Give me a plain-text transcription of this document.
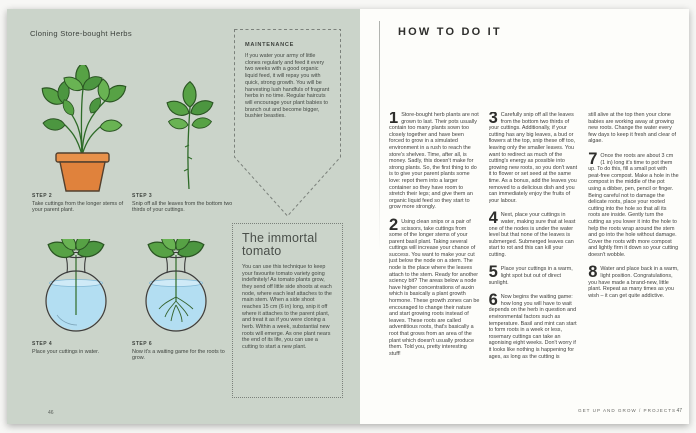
Cloning Store-bought Herbs
STEP 2
Take cuttings from the longer stems of your parent plant.
STEP 3
Snip off all the leaves from the bottom two thirds of your cuttings.
STEP 4
Place your cuttings in water.
STEP 6
Now it's a waiting game for the roots to grow.
MAINTENANCE
If you water your army of little clones regularly and feed it every two weeks with a good organic liquid feed, it will repay you with quick, strong growth. You will be harvesting lush handfuls of fragrant herbs in no time. Regular haircuts will encourage your plant babies to branch out and become bigger, bushier beasties.
The immortal tomato
You can use this technique to keep your favourite tomato variety going indefinitely! As tomato plants grow, they send off little side shoots at each node, where each leaf attaches to the main stem. When a side shoot reaches 15 cm (6 in) long, snip it off where it attaches to the parent plant, and treat it as if you were cloning a herb. Within a week, substantial new roots will emerge. As one plant nears the end of its life, you can use a cutting to start a new plant.
46
HOW TO DO IT
1 Store-bought herb plants are not grown to last. Their pots usually contain too many plants sown too closely together and have been forced to grow in a simulated environment in a rush to reach the store's shelves. Time, after all, is money. Sadly, this doesn't make for strong plants. So, the first thing to do is to give your parent plants some love: repot them into a larger container so they have room to stretch their legs; and give them an organic liquid feed so they start to grow more strongly.
2 Using clean snips or a pair of scissors, take cuttings from some of the longer stems of your parent basil plant. Taking several cuttings will increase your chance of success. You want to make your cut just below the node on a stem. The node is the place where the leaves attach to the stem. Ready for another sciency bit? The areas below a node have higher concentrations of auxin which is basically a plant growth hormone. These growth zones can be encouraged to change their nature and start growing roots instead of leaves. These roots are called adventitious roots, that's basically a root that grows from an area of the plant which doesn't usually produce them. Told you, pretty interesting stuff!
3 Carefully snip off all the leaves from the bottom two thirds of your cuttings. Additionally, if your cutting has any big leaves, a bud or flowers at the top, snip these off too, leaving only the smaller leaves. You want to redirect as much of the cutting's energy as possible into growing new roots, so you don't want it to flower or set seed at the same time. As a bonus, add the leaves you removed to a delicious dish and you can immediately enjoy the fruits of your labour.
4 Next, place your cuttings in water, making sure that at least one of the nodes is under the water level but that none of the leaves is submerged. Submerged leaves can start to rot and this can kill your cutting.
5 Place your cuttings in a warm, light spot but out of direct sunlight.
6 Now begins the waiting game: how long you will have to wait depends on the herb in question and environmental factors such as temperature. Basil and mint can start to form roots in a week or less, rosemary cuttings can take an agonising eight weeks. Don't worry if it looks like nothing is happening for ages, as long as the cutting is
still alive at the top then your clone babies are working away at growing new roots. Change the water every few days to keep it fresh and clear of algae.
7 Once the roots are about 3 cm (1 in) long it's time to pot them up. To do this, fill a small pot with peat-free compost. Make a hole in the compost in the middle of the pot using a dibber, pen, pencil or finger. Being careful not to damage the delicate roots, place your rooted cutting into the hole so that all its roots are inside. Gently turn the cutting as you lower it into the hole to help the roots wrap around the stem and go into the hole without damage. Cover the roots with more compost and lightly firm it down so your cutting doesn't wobble.
8 Water and place back in a warm, light position. Congratulations, you have made a brand-new, little plant. Repeat as many times as you wish – it can get quite addictive.
GET UP AND GROW / PROJECTS 47
